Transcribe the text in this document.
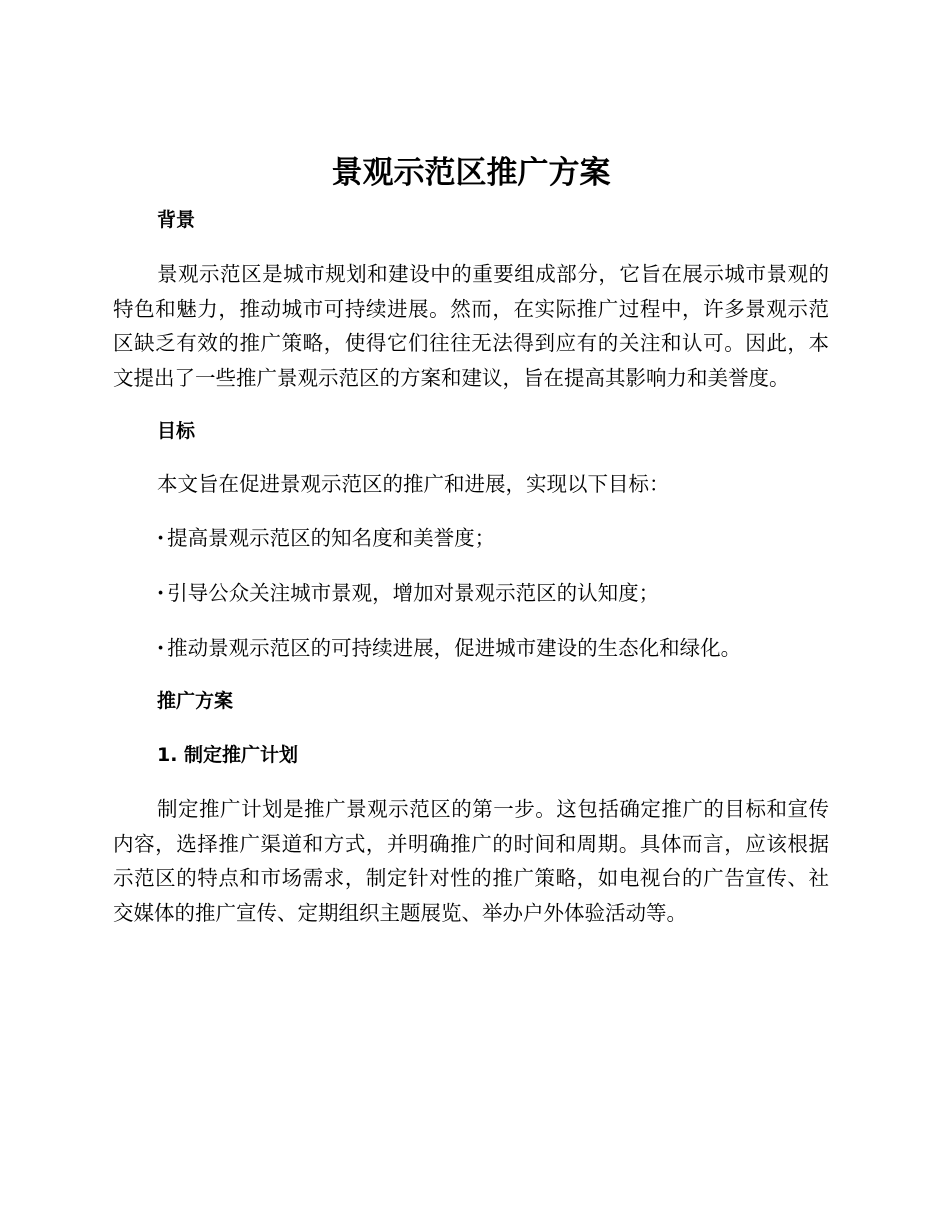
景观示范区推广方案
背景

景观示范区是城市规划和建设中的重要组成部分，它旨在展示城市景观的特色和魅力，推动城市可持续进展。然而，在实际推广过程中，许多景观示范区缺乏有效的推广策略，使得它们往往无法得到应有的关注和认可。因此，本文提出了一些推广景观示范区的方案和建议，旨在提高其影响力和美誉度。

目标

本文旨在促进景观示范区的推广和进展，实现以下目标：

· 提高景观示范区的知名度和美誉度；

· 引导公众关注城市景观，增加对景观示范区的认知度；

· 推动景观示范区的可持续进展，促进城市建设的生态化和绿化。

推广方案
1. 制定推广计划

制定推广计划是推广景观示范区的第一步。这包括确定推广的目标和宣传内容，选择推广渠道和方式，并明确推广的时间和周期。具体而言，应该根据示范区的特点和市场需求，制定针对性的推广策略，如电视台的广告宣传、社交媒体的推广宣传、定期组织主题展览、举办户外体验活动等。
